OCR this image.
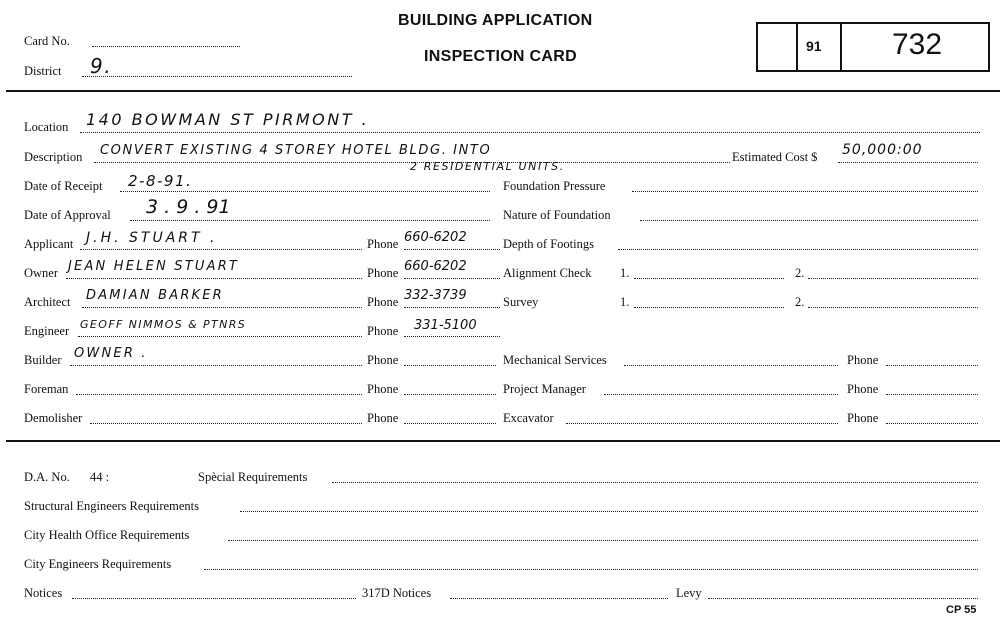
Card No.
District 9.
BUILDING APPLICATION
INSPECTION CARD
91 732
Location 140 BOWMAN ST PIRMONT .
Description CONVERT EXISTING 4 STOREY HOTEL BLDG. INTO
2 RESIDENTIAL UNITS.
Estimated Cost $ 50,000:00
Date of Receipt 2-8-91.
Date of Approval 3 . 9 . 91
Applicant J.H. STUART .	Phone 660-6202
Owner JEAN HELEN STUART	Phone 660-6202
Architect DAMIAN BARKER	Phone 332-3739
Engineer GEOFF NIMMOS & PTNRS	Phone 331-5100
Builder OWNER .	Phone
Foreman	Phone
Demolisher	Phone
Foundation Pressure
Nature of Foundation
Depth of Footings
Alignment Check 1.	2.
Survey	1.	2.
Mechanical Services	Phone
Project Manager	Phone
Excavator	Phone
D.A. No. 44 :	Spècial Requirements
Structural Engineers Requirements
City Health Office Requirements
City Engineers Requirements
Notices	317D Notices	Levy
CP 55
